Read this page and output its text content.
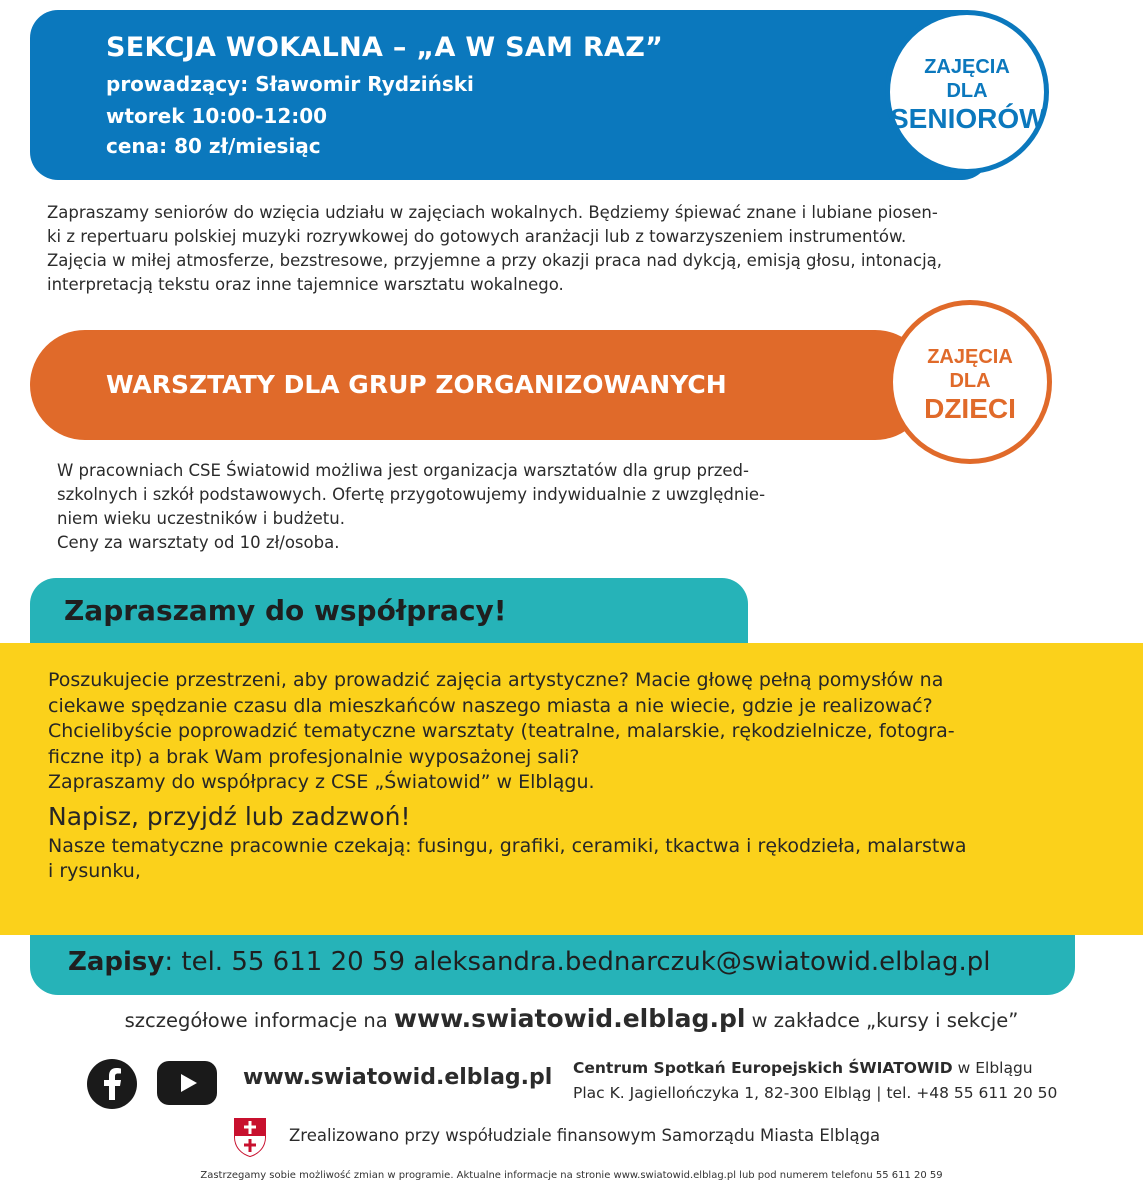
SEKCJA WOKALNA – „A W SAM RAZ”
prowadzący: Sławomir Rydziński
wtorek 10:00-12:00
cena: 80 zł/miesiąc
ZAJĘCIA
DLA
SENIORÓW
Zapraszamy seniorów do wzięcia udziału w zajęciach wokalnych. Będziemy śpiewać znane i lubiane piosen-
ki z repertuaru polskiej muzyki rozrywkowej do gotowych aranżacji lub z towarzyszeniem instrumentów.
Zajęcia w miłej atmosferze, bezstresowe, przyjemne a przy okazji praca nad dykcją, emisją głosu, intonacją,
interpretacją tekstu oraz inne tajemnice warsztatu wokalnego.
WARSZTATY DLA GRUP ZORGANIZOWANYCH
ZAJĘCIA
DLA
DZIECI
W pracowniach CSE Światowid możliwa jest organizacja warsztatów dla grup przed-
szkolnych i szkół podstawowych. Ofertę przygotowujemy indywidualnie z uwzględnie-
niem wieku uczestników i budżetu.
Ceny za warsztaty od 10 zł/osoba.
Zapraszamy do współpracy!
Poszukujecie przestrzeni, aby prowadzić zajęcia artystyczne? Macie głowę pełną pomysłów na
ciekawe spędzanie czasu dla mieszkańców naszego miasta a nie wiecie, gdzie je realizować?
Chcielibyście poprowadzić tematyczne warsztaty (teatralne, malarskie, rękodzielnicze, fotogra-
ficzne itp) a brak Wam profesjonalnie wyposażonej sali?
Zapraszamy do współpracy z CSE „Światowid” w Elblągu.
Napisz, przyjdź lub zadzwoń!
Nasze tematyczne pracownie czekają: fusingu, grafiki, ceramiki, tkactwa i rękodzieła, malarstwa
i rysunku,
Zapisy: tel. 55 611 20 59 aleksandra.bednarczuk@swiatowid.elblag.pl
szczegółowe informacje na www.swiatowid.elblag.pl w zakładce „kursy i sekcje”
www.swiatowid.elblag.pl Centrum Spotkań Europejskich ŚWIATOWID w Elblągu
Plac K. Jagiellończyka 1, 82-300 Elbląg | tel. +48 55 611 20 50
Zrealizowano przy współudziale finansowym Samorządu Miasta Elbląga
Zastrzegamy sobie możliwość zmian w programie. Aktualne informacje na stronie www.swiatowid.elblag.pl lub pod numerem telefonu 55 611 20 59
